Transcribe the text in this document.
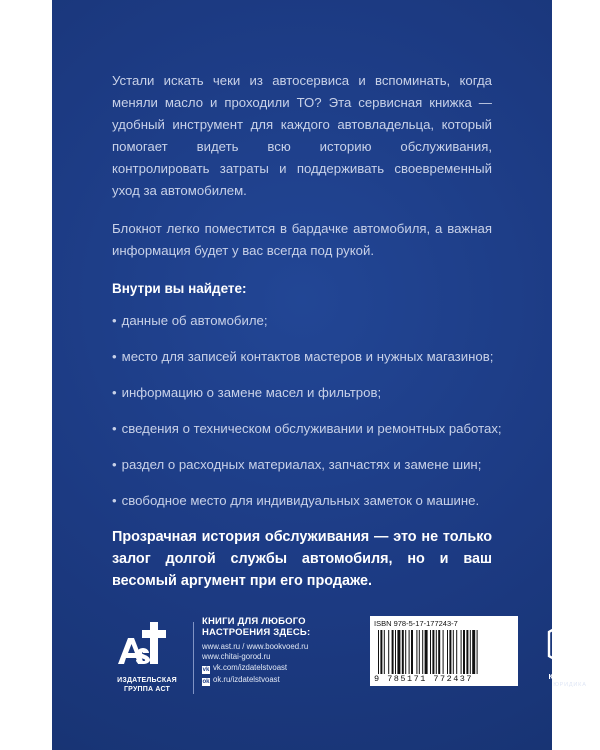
Устали искать чеки из автосервиса и вспоминать, когда меняли масло и проходили ТО? Эта сервисная книжка — удобный инструмент для каждого автовладельца, который помогает видеть всю историю обслуживания, контролировать затраты и поддерживать своевременный уход за автомобилем.

Блокнот легко поместится в бардачке автомобиля, а важная информация будет у вас всегда под рукой.

Внутри вы найдете:

• данные об автомобиле;
• место для записей контактов мастеров и нужных магазинов;
• информацию о замене масел и фильтров;
• сведения о техническом обслуживании и ремонтных работах;
• раздел о расходных материалах, запчастях и замене шин;
• свободное место для индивидуальных заметок о машине.

Прозрачная история обслуживания — это не только залог долгой службы автомобиля, но и ваш весомый аргумент при его продаже.

ИЗДАТЕЛЬСКАЯ ГРУППА АСТ

КНИГИ ДЛЯ ЛЮБОГО НАСТРОЕНИЯ ЗДЕСЬ:

www.ast.ru / www.bookvoed.ru
www.chitai-gorod.ru
vk vk.com/izdatelstvoast
ok ok.ru/izdatelstvoast
ISBN 978-5-17-177243-7
9 785171 772437	КЛАДЕЗЬ
ЮРИДИКА
